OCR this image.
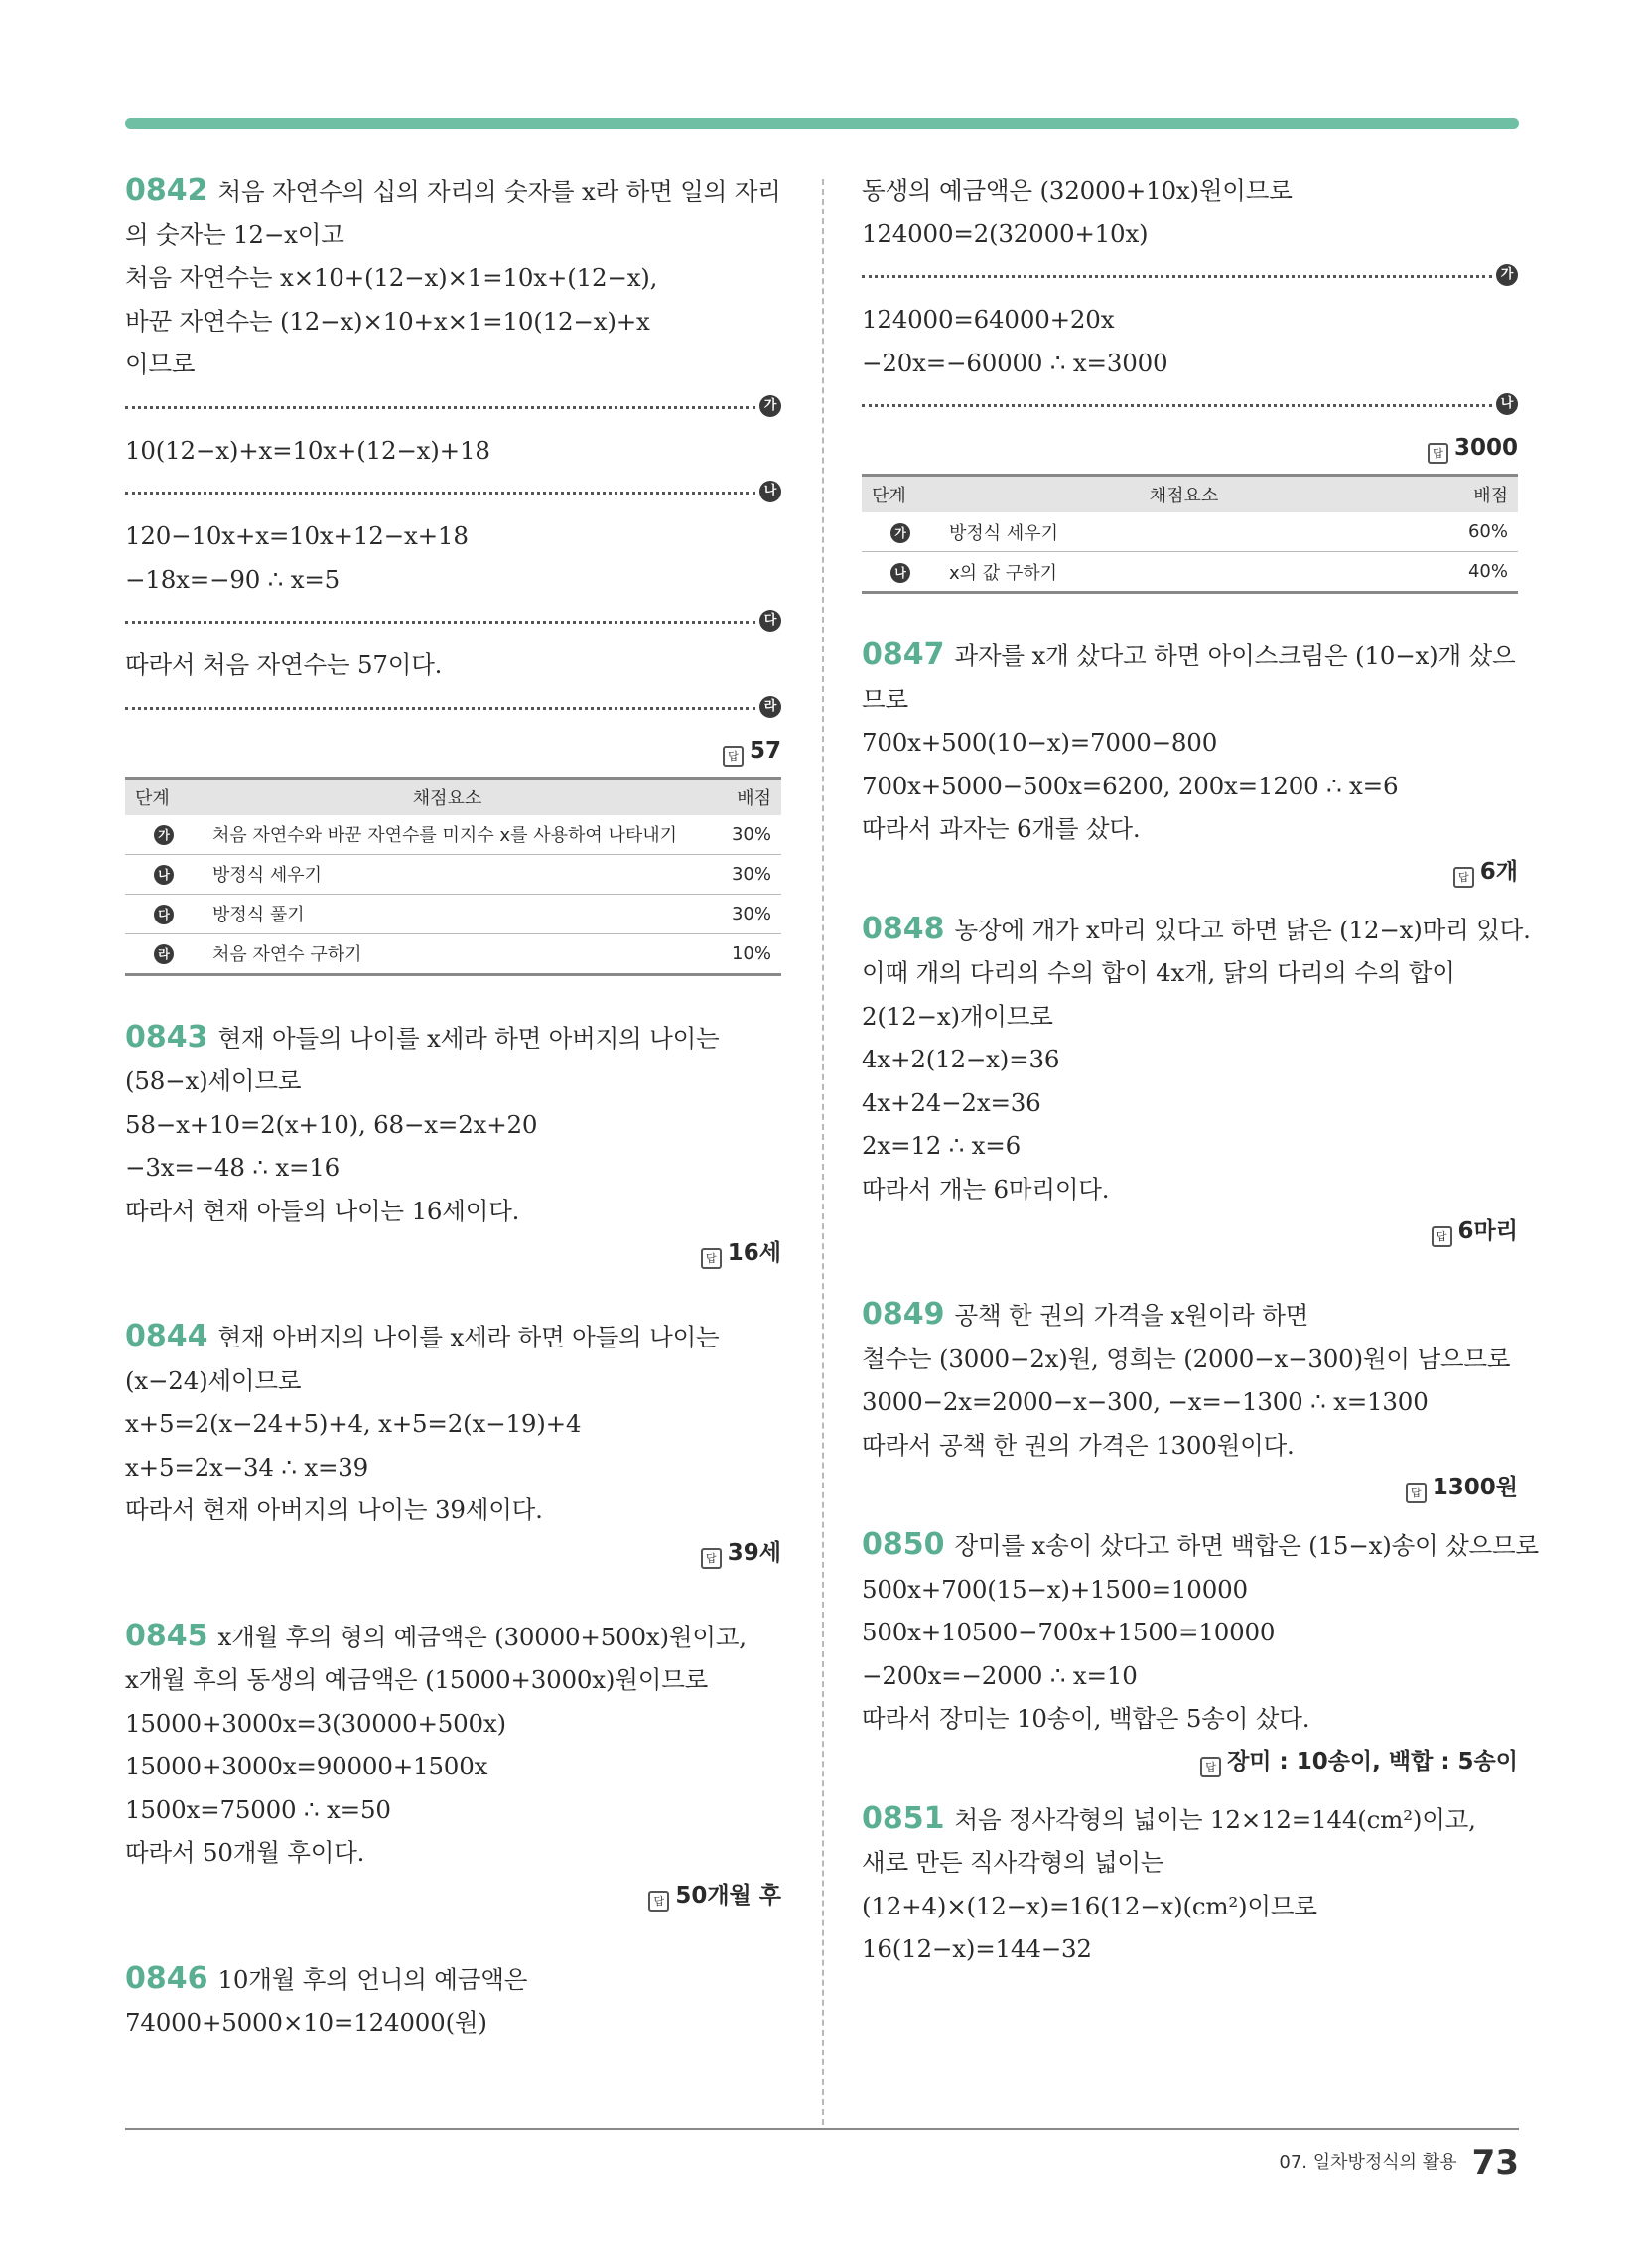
0842 처음 자연수의 십의 자리의 숫자를 x라 하면 일의 자리
의 숫자는 12−x이고
처음 자연수는 x×10+(12−x)×1=10x+(12−x),
바꾼 자연수는 (12−x)×10+x×1=10(12−x)+x
이므로
가
10(12−x)+x=10x+(12−x)+18
나
120−10x+x=10x+12−x+18
−18x=−90 ∴ x=5
다
따라서 처음 자연수는 57이다.
라
답 57
단계	채점요소	배점
가	처음 자연수와 바꾼 자연수를 미지수 x를 사용하여 나타내기	30%
나	방정식 세우기	30%
다	방정식 풀기	30%
라	처음 자연수 구하기	10%
0843 현재 아들의 나이를 x세라 하면 아버지의 나이는
(58−x)세이므로
58−x+10=2(x+10), 68−x=2x+20
−3x=−48 ∴ x=16
따라서 현재 아들의 나이는 16세이다.
답 16세
0844 현재 아버지의 나이를 x세라 하면 아들의 나이는
(x−24)세이므로
x+5=2(x−24+5)+4, x+5=2(x−19)+4
x+5=2x−34 ∴ x=39
따라서 현재 아버지의 나이는 39세이다.
답 39세
0845 x개월 후의 형의 예금액은 (30000+500x)원이고,
x개월 후의 동생의 예금액은 (15000+3000x)원이므로
15000+3000x=3(30000+500x)
15000+3000x=90000+1500x
1500x=75000 ∴ x=50
따라서 50개월 후이다.
답 50개월 후
0846 10개월 후의 언니의 예금액은
74000+5000×10=124000(원)
동생의 예금액은 (32000+10x)원이므로
124000=2(32000+10x)
가
124000=64000+20x
−20x=−60000 ∴ x=3000
나
답 3000
단계	채점요소	배점
가	방정식 세우기	60%
나	x의 값 구하기	40%
0847 과자를 x개 샀다고 하면 아이스크림은 (10−x)개 샀으
므로
700x+500(10−x)=7000−800
700x+5000−500x=6200, 200x=1200 ∴ x=6
따라서 과자는 6개를 샀다.
답 6개
0848 농장에 개가 x마리 있다고 하면 닭은 (12−x)마리 있다.
이때 개의 다리의 수의 합이 4x개, 닭의 다리의 수의 합이
2(12−x)개이므로
4x+2(12−x)=36
4x+24−2x=36
2x=12 ∴ x=6
따라서 개는 6마리이다.
답 6마리
0849 공책 한 권의 가격을 x원이라 하면
철수는 (3000−2x)원, 영희는 (2000−x−300)원이 남으므로
3000−2x=2000−x−300, −x=−1300 ∴ x=1300
따라서 공책 한 권의 가격은 1300원이다.
답 1300원
0850 장미를 x송이 샀다고 하면 백합은 (15−x)송이 샀으므로
500x+700(15−x)+1500=10000
500x+10500−700x+1500=10000
−200x=−2000 ∴ x=10
따라서 장미는 10송이, 백합은 5송이 샀다.
답 장미 : 10송이, 백합 : 5송이
0851 처음 정사각형의 넓이는 12×12=144(cm²)이고,
새로 만든 직사각형의 넓이는
(12+4)×(12−x)=16(12−x)(cm²)이므로
16(12−x)=144−32
07. 일차방정식의 활용 73
